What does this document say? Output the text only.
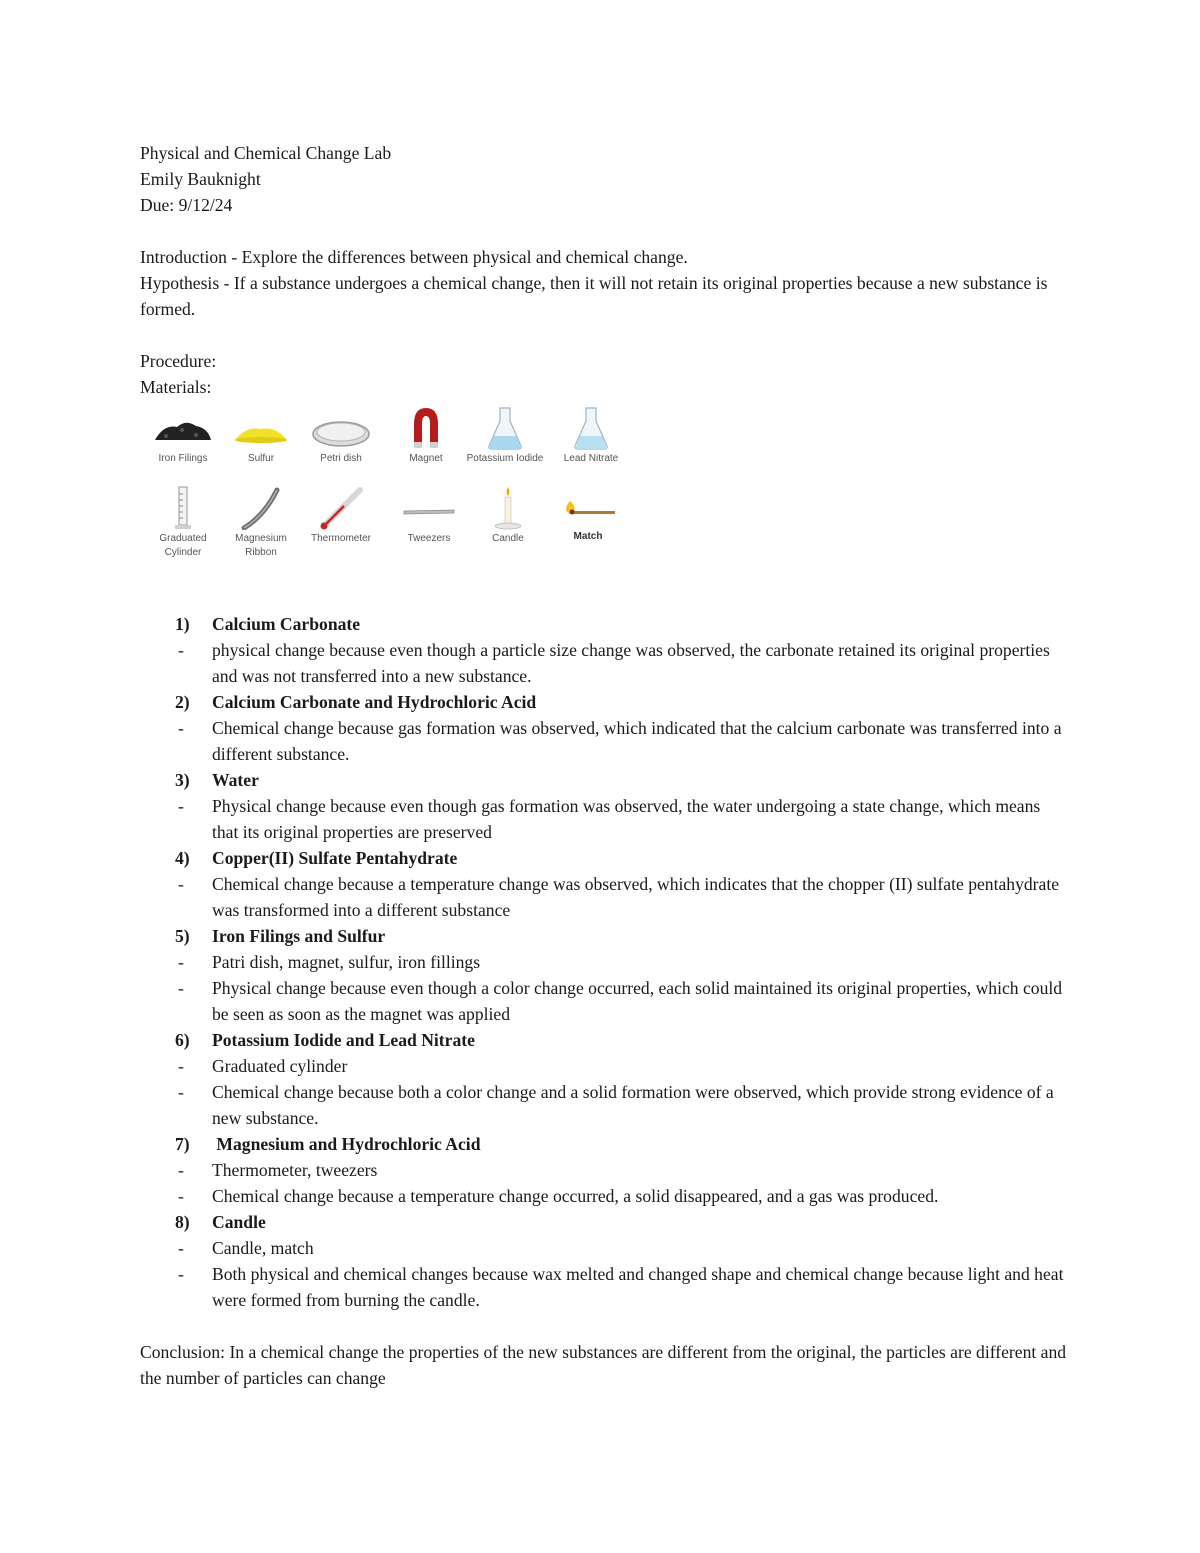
Physical and Chemical Change Lab

Emily Bauknight

Due: 9/12/24

Introduction - Explore the differences between physical and chemical change.

Hypothesis - If a substance undergoes a chemical change, then it will not retain its original properties because a new substance is formed.

Procedure:

Materials:

Iron Filings	Sulfur	Petri dish	Magnet	Potassium Iodide	Lead Nitrate
Graduated Cylinder
Magnesium Ribbon
Thermometer	Tweezers	Candle	Match
1) Calcium Carbonate
- physical change because even though a particle size change was observed, the carbonate retained its original properties and was not transferred into a new substance.
2) Calcium Carbonate and Hydrochloric Acid
- Chemical change because gas formation was observed, which indicated that the calcium carbonate was transferred into a different substance.
3) Water
- Physical change because even though gas formation was observed, the water undergoing a state change, which means that its original properties are preserved
4) Copper(II) Sulfate Pentahydrate
- Chemical change because a temperature change was observed, which indicates that the chopper (II) sulfate pentahydrate was transformed into a different substance
5) Iron Filings and Sulfur
- Patri dish, magnet, sulfur, iron fillings
- Physical change because even though a color change occurred, each solid maintained its original properties, which could be seen as soon as the magnet was applied
6) Potassium Iodide and Lead Nitrate
- Graduated cylinder
- Chemical change because both a color change and a solid formation were observed, which provide strong evidence of a new substance.
7) Magnesium and Hydrochloric Acid
- Thermometer, tweezers
- Chemical change because a temperature change occurred, a solid disappeared, and a gas was produced.
8) Candle
- Candle, match
- Both physical and chemical changes because wax melted and changed shape and chemical change because light and heat were formed from burning the candle.

Conclusion: In a chemical change the properties of the new substances are different from the original, the particles are different and the number of particles can change
